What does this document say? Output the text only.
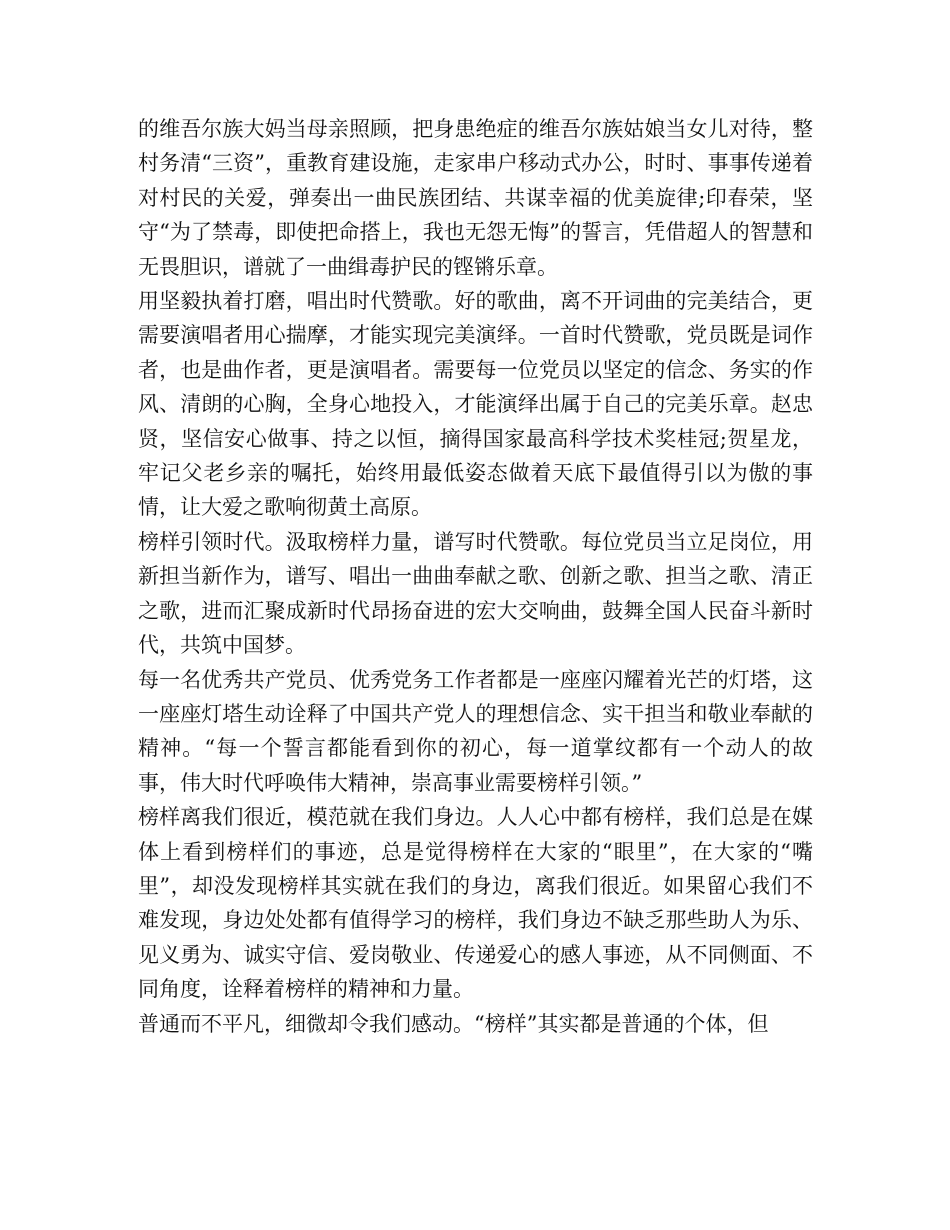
的维吾尔族大妈当母亲照顾，把身患绝症的维吾尔族姑娘当女儿对待，整村务清“三资”，重教育建设施，走家串户移动式办公，时时、事事传递着对村民的关爱，弹奏出一曲民族团结、共谋幸福的优美旋律;印春荣，坚守“为了禁毒，即使把命搭上，我也无怨无悔”的誓言，凭借超人的智慧和无畏胆识，谱就了一曲缉毒护民的铿锵乐章。

用坚毅执着打磨，唱出时代赞歌。好的歌曲，离不开词曲的完美结合，更需要演唱者用心揣摩，才能实现完美演绎。一首时代赞歌，党员既是词作者，也是曲作者，更是演唱者。需要每一位党员以坚定的信念、务实的作风、清朗的心胸，全身心地投入，才能演绎出属于自己的完美乐章。赵忠贤，坚信安心做事、持之以恒，摘得国家最高科学技术奖桂冠;贺星龙，牢记父老乡亲的嘱托，始终用最低姿态做着天底下最值得引以为傲的事情，让大爱之歌响彻黄土高原。

榜样引领时代。汲取榜样力量，谱写时代赞歌。每位党员当立足岗位，用新担当新作为，谱写、唱出一曲曲奉献之歌、创新之歌、担当之歌、清正之歌，进而汇聚成新时代昂扬奋进的宏大交响曲，鼓舞全国人民奋斗新时代，共筑中国梦。

每一名优秀共产党员、优秀党务工作者都是一座座闪耀着光芒的灯塔，这一座座灯塔生动诠释了中国共产党人的理想信念、实干担当和敬业奉献的精神。“每一个誓言都能看到你的初心，每一道掌纹都有一个动人的故事，伟大时代呼唤伟大精神，崇高事业需要榜样引领。”

榜样离我们很近，模范就在我们身边。人人心中都有榜样，我们总是在媒体上看到榜样们的事迹，总是觉得榜样在大家的“眼里”，在大家的“嘴里”，却没发现榜样其实就在我们的身边，离我们很近。如果留心我们不难发现，身边处处都有值得学习的榜样，我们身边不缺乏那些助人为乐、见义勇为、诚实守信、爱岗敬业、传递爱心的感人事迹，从不同侧面、不同角度，诠释着榜样的精神和力量。

普通而不平凡，细微却令我们感动。“榜样”其实都是普通的个体，但
